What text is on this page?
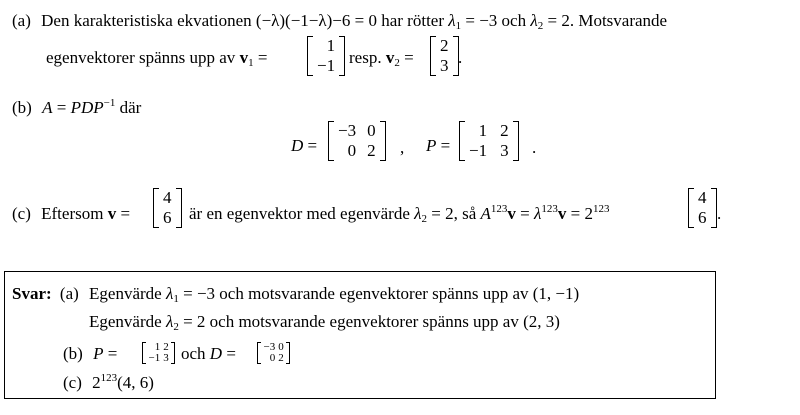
(a) Den karakteristiska ekvationen (−λ)(−1−λ)−6 = 0 har rötter $\lambda_1 = -3$ och $\lambda_2 = 2$. Motsvarande
egenvektorer spänns upp av $v_1$ =
1
−1 resp. $v_2$ =
2
3 .
(b) $A = PDP^{-1}$ där
D =
−3	0
0	2 , P =
1	2
−1	3 .
(c) Eftersom v =
4
6 är en egenvektor med egenvärde $\lambda_2 = 2$, så $A^{123}v = \lambda^{123}v = 2^{123}$
4
6 .
Svar: (a) Egenvärde $\lambda_1 = -3$ och motsvarande egenvektorer spänns upp av (1, −1)
Egenvärde $\lambda_2 = 2$ och motsvarande egenvektorer spänns upp av (2, 3)
(b) P =	1	2
−1	3 och D =	−3	0
0	2
(c) $2^{123}(4$, 6)
